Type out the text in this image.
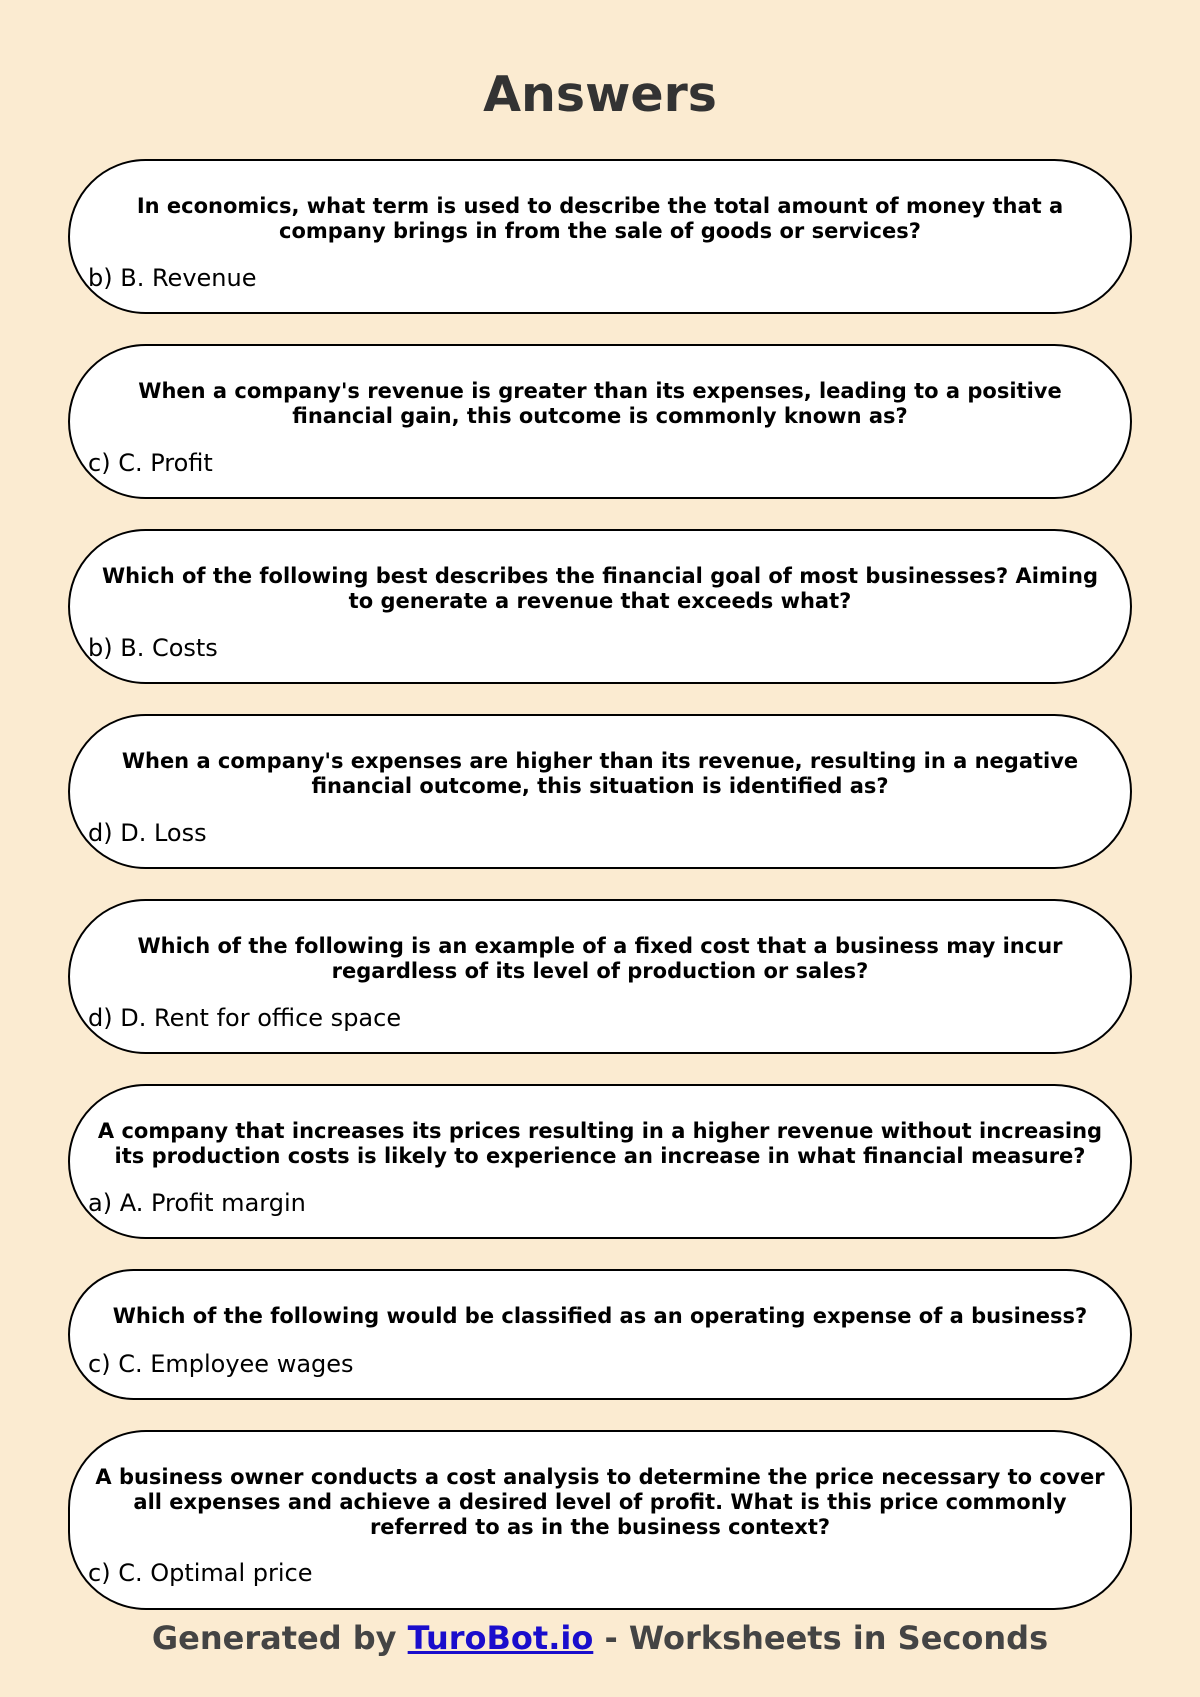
Answers
In economics, what term is used to describe the total amount of money that a company brings in from the sale of goods or services?
b) B. Revenue
When a company's revenue is greater than its expenses, leading to a positive financial gain, this outcome is commonly known as?
c) C. Profit
Which of the following best describes the financial goal of most businesses? Aiming to generate a revenue that exceeds what?
b) B. Costs
When a company's expenses are higher than its revenue, resulting in a negative financial outcome, this situation is identified as?
d) D. Loss
Which of the following is an example of a fixed cost that a business may incur regardless of its level of production or sales?
d) D. Rent for office space
A company that increases its prices resulting in a higher revenue without increasing its production costs is likely to experience an increase in what financial measure?
a) A. Profit margin
Which of the following would be classified as an operating expense of a business?
c) C. Employee wages
A business owner conducts a cost analysis to determine the price necessary to cover all expenses and achieve a desired level of profit. What is this price commonly referred to as in the business context?
c) C. Optimal price
Generated by TuroBot.io - Worksheets in Seconds
